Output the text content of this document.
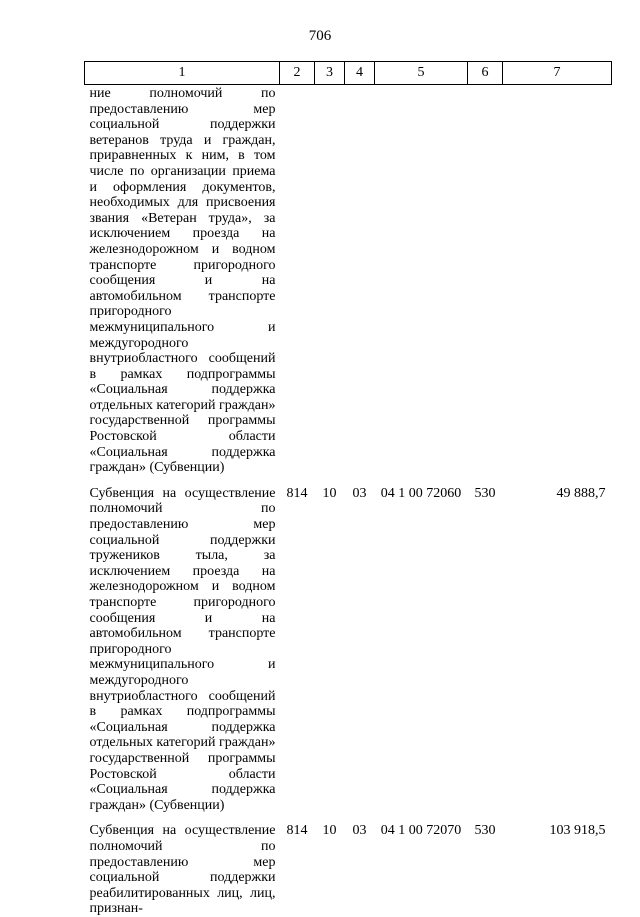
706
1	2	3	4	5	6	7
ние полномочий по предоставлению мер социальной поддержки ветеранов труда и граждан, приравненных к ним, в том числе по организации приема и оформления документов, необходимых для присвоения звания «Ветеран труда», за исключением проезда на железнодорожном и водном транспорте пригородного сообщения и на автомобильном транспорте пригородного межмуниципального и междугородного внутриобластного сообщений в рамках подпрограммы «Социальная поддержка отдельных категорий граждан» государственной программы Ростовской области «Социальная поддержка граждан» (Субвенции)						
Субвенция на осуществление полномочий по предоставлению мер социальной поддержки тружеников тыла, за исключением проезда на железнодорожном и водном транспорте пригородного сообщения и на автомобильном транспорте пригородного межмуниципального и междугородного внутриобластного сообщений в рамках подпрограммы «Социальная поддержка отдельных категорий граждан» государственной программы Ростовской области «Социальная поддержка граждан» (Субвенции)	814	10	03	04 1 00 72060	530	49 888,7
Субвенция на осуществление полномочий по предоставлению мер социальной поддержки реабилитированных лиц, лиц, признан-	814	10	03	04 1 00 72070	530	103 918,5
